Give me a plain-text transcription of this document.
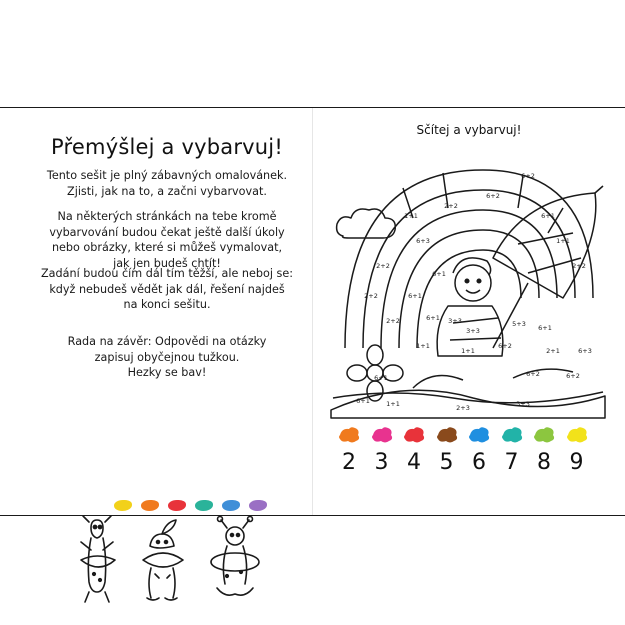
Přemýšlej a vybarvuj!
Tento sešit je plný zábavných omalovánek.
Zjisti, jak na to, a začni vybarvovat.
Na některých stránkách na tebe kromě
vybarvování budou čekat ještě další úkoly
nebo obrázky, které si můžeš vymalovat,
jak jen budeš chtít!
Zadání budou čím dál tím těžší, ale neboj se:
když nebudeš vědět jak dál, řešení najdeš
na konci sešitu.
Rada na závěr: Odpovědi na otázky
zapisuj obyčejnou tužkou.
Hezky se bav!
Sčítej a vybarvuj!
2+2
2+2
1+1
6+3
2+2
6+2
6+2
6+1
1+1
2+2
6+1
6+1
6+1
2+2	3+3
3+3
1+1
6+2
5+3 6+1
2+1
1+1
6+1
6+1	6+2
1+1	2+3
6+2
3+3
6+3
2 3 4 5 6 7 8 9
